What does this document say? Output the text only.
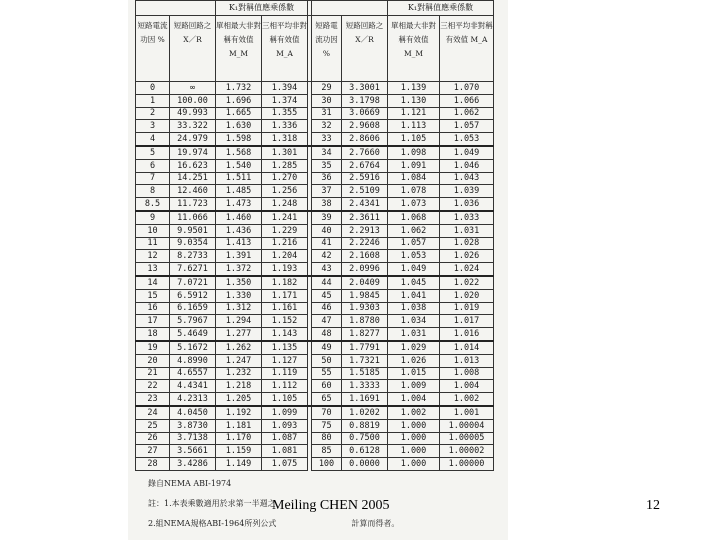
		K₁對稱值應乘係數					K₁對稱值應乘係數	
短路電流功因 %	短路回路之 X／R	單相最大非對稱有效值 M_M	三相平均非對稱有效值 M_A		短路電流功因 %	短路回路之 X／R	單相最大非對稱有效值 M_M	三相平均非對稱有效值 M_A
0	∞	1.732	1.394		29	3.3001	1.139	1.070
1	100.00	1.696	1.374		30	3.1798	1.130	1.066
2	49.993	1.665	1.355		31	3.0669	1.121	1.062
3	33.322	1.630	1.336		32	2.9608	1.113	1.057
4	24.979	1.598	1.318		33	2.8606	1.105	1.053
5	19.974	1.568	1.301		34	2.7660	1.098	1.049
6	16.623	1.540	1.285		35	2.6764	1.091	1.046
7	14.251	1.511	1.270		36	2.5916	1.084	1.043
8	12.460	1.485	1.256		37	2.5109	1.078	1.039
8.5	11.723	1.473	1.248		38	2.4341	1.073	1.036
9	11.066	1.460	1.241		39	2.3611	1.068	1.033
10	9.9501	1.436	1.229		40	2.2913	1.062	1.031
11	9.0354	1.413	1.216		41	2.2246	1.057	1.028
12	8.2733	1.391	1.204		42	2.1608	1.053	1.026
13	7.6271	1.372	1.193		43	2.0996	1.049	1.024
14	7.0721	1.350	1.182		44	2.0409	1.045	1.022
15	6.5912	1.330	1.171		45	1.9845	1.041	1.020
16	6.1659	1.312	1.161		46	1.9303	1.038	1.019
17	5.7967	1.294	1.152		47	1.8780	1.034	1.017
18	5.4649	1.277	1.143		48	1.8277	1.031	1.016
19	5.1672	1.262	1.135		49	1.7791	1.029	1.014
20	4.8990	1.247	1.127		50	1.7321	1.026	1.013
21	4.6557	1.232	1.119		55	1.5185	1.015	1.008
22	4.4341	1.218	1.112		60	1.3333	1.009	1.004
23	4.2313	1.205	1.105		65	1.1691	1.004	1.002
24	4.0450	1.192	1.099		70	1.0202	1.002	1.001
25	3.8730	1.181	1.093		75	0.8819	1.000	1.00004
26	3.7138	1.170	1.087		80	0.7500	1.000	1.00005
27	3.5661	1.159	1.081		85	0.6128	1.000	1.00002
28	3.4286	1.149	1.075		100	0.0000	1.000	1.00000
錄自NEMA ABI-1974
註：1.本表乘數適用於求第一半週之
2.組NEMA規格ABI-1964所列公式	計算而得者。
Meiling CHEN 2005	12
